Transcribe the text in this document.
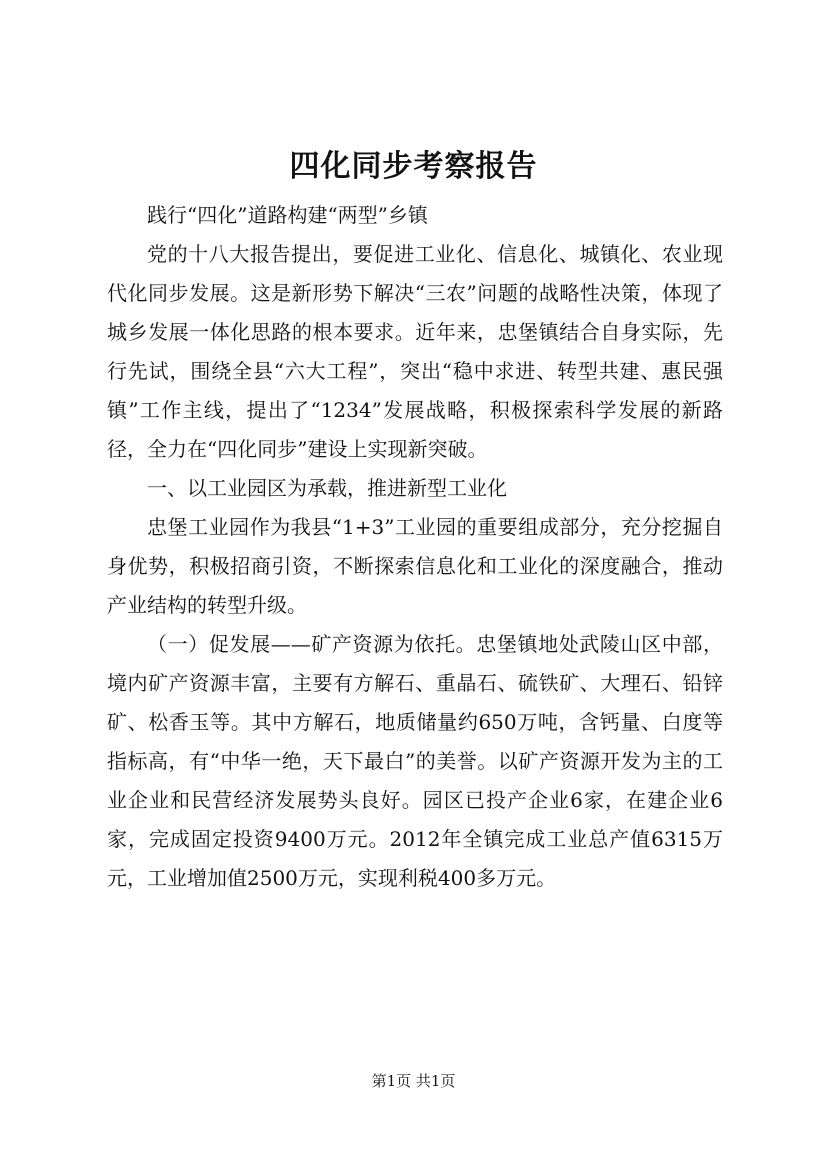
四化同步考察报告

践行“四化”道路构建“两型”乡镇

党的十八大报告提出，要促进工业化、信息化、城镇化、农业现代化同步发展。这是新形势下解决“三农”问题的战略性决策，体现了城乡发展一体化思路的根本要求。近年来，忠堡镇结合自身实际，先行先试，围绕全县“六大工程”，突出“稳中求进、转型共建、惠民强镇”工作主线，提出了“1234”发展战略，积极探索科学发展的新路径，全力在“四化同步”建设上实现新突破。

一、以工业园区为承载，推进新型工业化

忠堡工业园作为我县“1+3”工业园的重要组成部分，充分挖掘自身优势，积极招商引资，不断探索信息化和工业化的深度融合，推动产业结构的转型升级。

（一）促发展——矿产资源为依托。忠堡镇地处武陵山区中部，境内矿产资源丰富，主要有方解石、重晶石、硫铁矿、大理石、铅锌矿、松香玉等。其中方解石，地质储量约650万吨，含钙量、白度等指标高，有“中华一绝，天下最白”的美誉。以矿产资源开发为主的工业企业和民营经济发展势头良好。园区已投产企业6家，在建企业6家，完成固定投资9400万元。2012年全镇完成工业总产值6315万元，工业增加值2500万元，实现利税400多万元。

第1页 共1页
